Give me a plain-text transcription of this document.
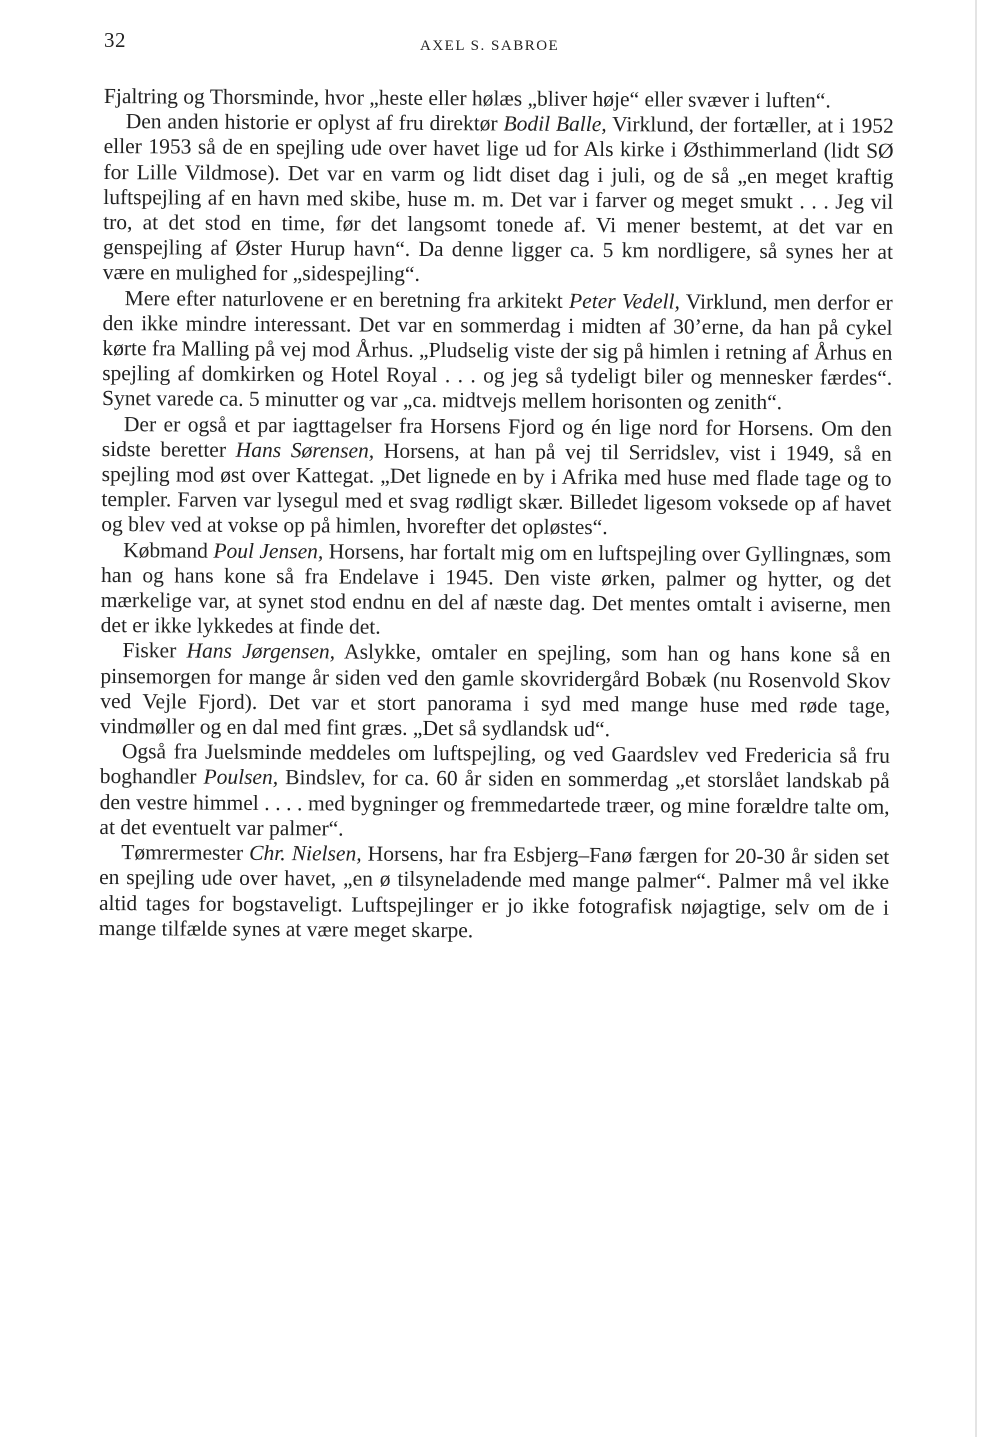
32	AXEL S. SABROE

Fjaltring og Thorsminde, hvor „heste eller hølæs „bliver høje“ eller svæver i luften“.

Den anden historie er oplyst af fru direktør Bodil Balle, Virklund, der fortæller, at i 1952 eller 1953 så de en spejling ude over havet lige ud for Als kirke i Østhimmerland (lidt SØ for Lille Vildmose). Det var en varm og lidt diset dag i juli, og de så „en meget kraftig luftspejling af en havn med skibe, huse m. m. Det var i farver og meget smukt . . . Jeg vil tro, at det stod en time, før det langsomt tonede af. Vi mener bestemt, at det var en genspejling af Øster Hurup havn“. Da denne ligger ca. 5 km nordligere, så synes her at være en mulighed for „sidespejling“.

Mere efter naturlovene er en beretning fra arkitekt Peter Vedell, Virklund, men derfor er den ikke mindre interessant. Det var en sommerdag i midten af 30’erne, da han på cykel kørte fra Malling på vej mod Århus. „Pludselig viste der sig på himlen i retning af Århus en spejling af domkirken og Hotel Royal . . . og jeg så tydeligt biler og mennesker færdes“. Synet varede ca. 5 minutter og var „ca. midtvejs mellem horisonten og zenith“.

Der er også et par iagttagelser fra Horsens Fjord og én lige nord for Horsens. Om den sidste beretter Hans Sørensen, Horsens, at han på vej til Serridslev, vist i 1949, så en spejling mod øst over Kattegat. „Det lignede en by i Afrika med huse med flade tage og to templer. Farven var lysegul med et svag rødligt skær. Billedet ligesom voksede op af havet og blev ved at vokse op på himlen, hvorefter det opløstes“.

Købmand Poul Jensen, Horsens, har fortalt mig om en luftspejling over Gyllingnæs, som han og hans kone så fra Endelave i 1945. Den viste ørken, palmer og hytter, og det mærkelige var, at synet stod endnu en del af næste dag. Det mentes omtalt i aviserne, men det er ikke lykkedes at finde det.

Fisker Hans Jørgensen, Aslykke, omtaler en spejling, som han og hans kone så en pinsemorgen for mange år siden ved den gamle skovridergård Bobæk (nu Rosenvold Skov ved Vejle Fjord). Det var et stort panorama i syd med mange huse med røde tage, vindmøller og en dal med fint græs. „Det så sydlandsk ud“.

Også fra Juelsminde meddeles om luftspejling, og ved Gaardslev ved Fredericia så fru boghandler Poulsen, Bindslev, for ca. 60 år siden en sommerdag „et storslået landskab på den vestre himmel . . . . med bygninger og fremmedartede træer, og mine forældre talte om, at det eventuelt var palmer“.

Tømrermester Chr. Nielsen, Horsens, har fra Esbjerg–Fanø færgen for 20-30 år siden set en spejling ude over havet, „en ø tilsyneladende med mange palmer“. Palmer må vel ikke altid tages for bogstaveligt. Luftspejlinger er jo ikke fotografisk nøjagtige, selv om de i mange tilfælde synes at være meget skarpe.
